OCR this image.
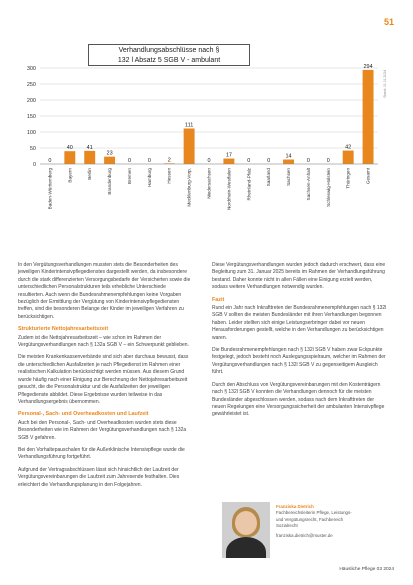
51
Verhandlungsabschlüsse nach §
132 l Absatz 5 SGB V - ambulant
0
50
100
150
200
250
300
0
Baden-Württemberg
40
Bayern
41
Berlin
23
Brandenburg
0
Bremen
0
Hamburg
2
Hessen
111
Mecklenburg-Vorp.
0
Niedersachsen
17
Nordrhein-Westfalen
0
Rheinland-Pfalz
0
Saarland
14
Sachsen
0
Sachsen-Anhalt
0
Schleswig-Holstein
42
Thüringen
294
Gesamt
Stand: 01.01.2024

In den Vergütungsverhandlungen mussten stets die Besonderheiten des jeweiligen Kinderintensivpflegedienstes dargestellt werden, da insbesondere durch die stark differenzierten Versorgungsbedarfe der Versicherten sowie die unterschiedlichen Personalstrukturen teils erhebliche Unterschiede resultierten. Auch wenn die Bundesrahmenempfehlungen keine Vorgaben bezüglich der Ermittlung der Vergütung von Kinderintensivpflegediensten treffen, sind die besonderen Belange der Kinder im jeweiligen Verfahren zu berücksichtigen.

Strukturierte Nettojahresarbeitszeit

Zudem ist die Nettojahresarbeitszeit – wie schon im Rahmen der Vergütungsverhandlungen nach § 132a SGB V – ein Schwerpunkt geblieben.

Die meisten Krankenkassenverbände sind sich aber durchaus bewusst, dass die unterschiedlichen Ausfallzeiten je nach Pflegedienst im Rahmen einer realistischen Kalkulation berücksichtigt werden müssen. Aus diesem Grund wurde häufig nach einer Einigung zur Berechnung der Nettojahresarbeitszeit gesucht, die die Personalstruktur und die Ausfallzeiten der jeweiligen Pflegedienste abbildet. Diese Ergebnisse wurden teilweise in das Verhandlungsergebnis übernommen.

Personal-, Sach- und Overheadkosten und Laufzeit

Auch bei den Personal-, Sach- und Overheadkosten wurden stets diese Besonderheiten wie im Rahmen der Vergütungsverhandlungen nach § 132a SGB V gefahren.

Bei den Vorhaltepauschalen für die Außerklinische Intensivpflege wurde die Verhandlungsführung fortgeführt.

Aufgrund der Vertragsabschlüssen lässt sich hinsichtlich der Laufzeit der Vergütungsvereinbarungen die Laufzeit zum Jahresende festhalten. Dies erleichtert die Verhandlungsplanung in den Folgejahren.

Diese Vergütungsverhandlungen wurden jedoch dadurch erschwert, dass eine Begleitung zum 31. Januar 2025 bereits im Rahmen der Verhandlungsführung bestand. Daher konnte nicht in allen Fällen eine Einigung erzielt werden, sodass weitere Verhandlungen notwendig wurden.

Fazit

Rund ein Jahr nach Inkrafttreten der Bundesrahmenempfehlungen nach § 132l SGB V sollten die meisten Bundesländer mit ihren Verhandlungen begonnen haben. Leider stellten sich einige Leistungserbringer dabei vor neuen Herausforderungen gestellt, welche in den Verhandlungen zu berücksichtigen waren.

Die Bundesrahmenempfehlungen nach § 132l SGB V haben zwar Eckpunkte festgelegt, jedoch besteht noch Auslegungsspielraum, welcher im Rahmen der Vergütungsverhandlungen nach § 132l SGB V zu gegenseitigem Ausgleich führt.

Durch den Abschluss von Vergütungsvereinbarungen mit den Kostenträgern nach § 132l SGB V konnten die Verhandlungen dennoch für die meisten Bundesländer abgeschlossen werden, sodass nach dem Inkrafttreten der neuen Regelungen eine Versorgungssicherheit der ambulanten Intensivpflege gewährleistet ist.

Franziska Dietrich
Fachbereichsleiterin Pflege, Leistungs-
und Vergütungsrecht, Fachbereich
Sozialrecht
franziska.dietrich@muster.de
Häusliche Pflege 03 2024
